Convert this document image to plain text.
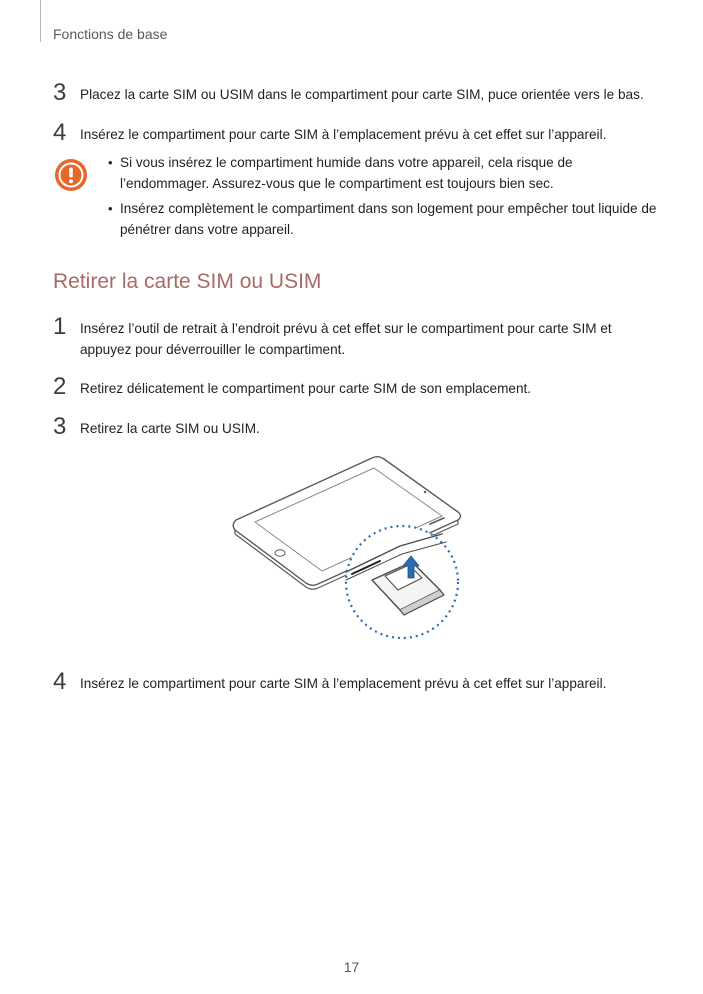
Fonctions de base
3	Placez la carte SIM ou USIM dans le compartiment pour carte SIM, puce orientée vers le bas.
4	Insérez le compartiment pour carte SIM à l’emplacement prévu à cet effet sur l’appareil.
• Si vous insérez le compartiment humide dans votre appareil, cela risque de l’endommager. Assurez-vous que le compartiment est toujours bien sec.
• Insérez complètement le compartiment dans son logement pour empêcher tout liquide de pénétrer dans votre appareil.
Retirer la carte SIM ou USIM
1	Insérez l’outil de retrait à l’endroit prévu à cet effet sur le compartiment pour carte SIM et appuyez pour déverrouiller le compartiment.
2	Retirez délicatement le compartiment pour carte SIM de son emplacement.
3	Retirez la carte SIM ou USIM.
4	Insérez le compartiment pour carte SIM à l’emplacement prévu à cet effet sur l’appareil.
17
